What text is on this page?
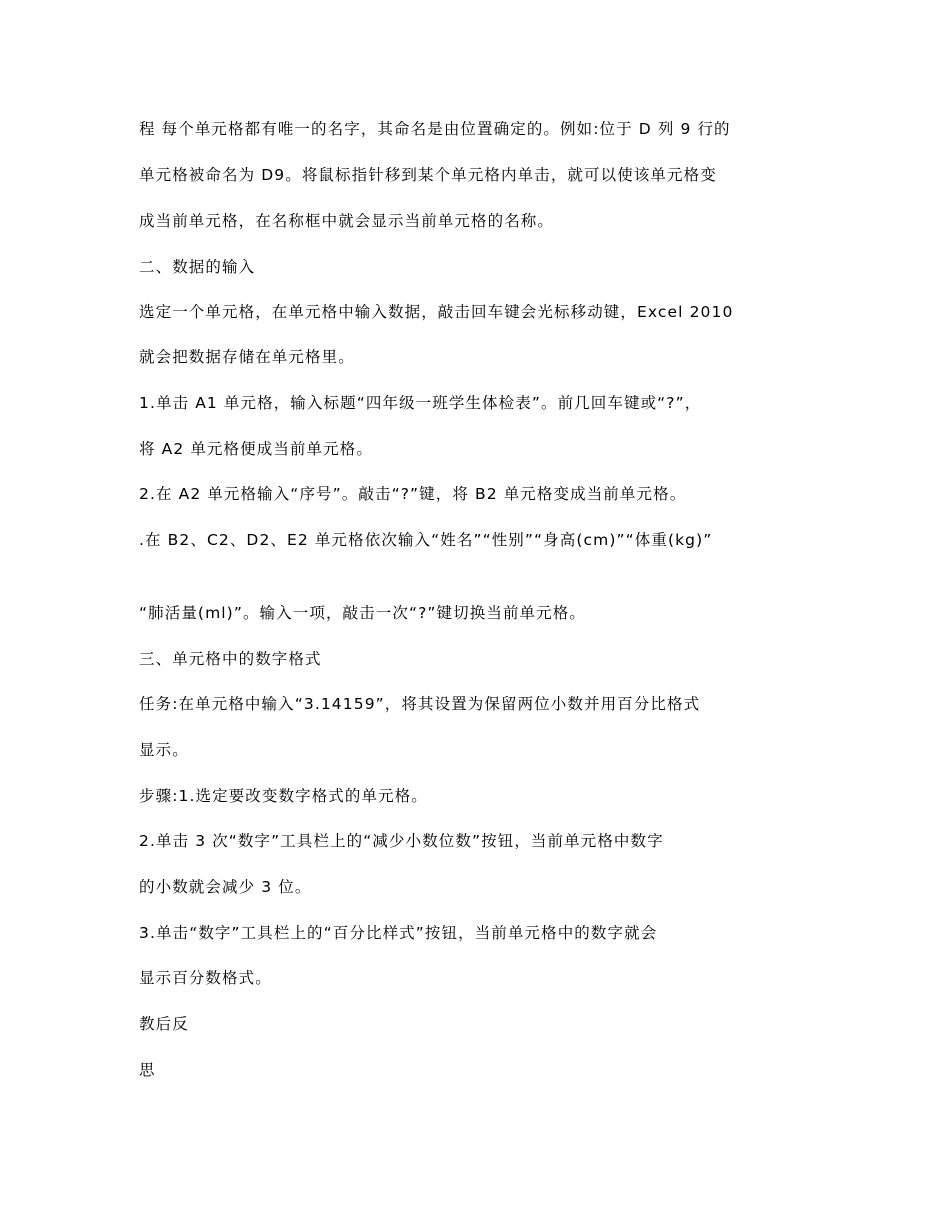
程 每个单元格都有唯一的名字，其命名是由位置确定的。例如:位于 D 列 9 行的

单元格被命名为 D9。将鼠标指针移到某个单元格内单击，就可以使该单元格变

成当前单元格，在名称框中就会显示当前单元格的名称。

二、数据的输入

选定一个单元格，在单元格中输入数据，敲击回车键会光标移动键，Excel 2010

就会把数据存储在单元格里。

1.单击 A1 单元格，输入标题“四年级一班学生体检表”。前几回车键或“?”，

将 A2 单元格便成当前单元格。

2.在 A2 单元格输入“序号”。敲击“?”键，将 B2 单元格变成当前单元格。

.在 B2、C2、D2、E2 单元格依次输入“姓名”“性别”“身高(cm)”“体重(kg)”

“肺活量(ml)”。输入一项，敲击一次“?”键切换当前单元格。

三、单元格中的数字格式

任务:在单元格中输入“3.14159”，将其设置为保留两位小数并用百分比格式

显示。

步骤:1.选定要改变数字格式的单元格。

2.单击 3 次“数字”工具栏上的“减少小数位数”按钮，当前单元格中数字

的小数就会减少 3 位。

3.单击“数字”工具栏上的“百分比样式”按钮，当前单元格中的数字就会

显示百分数格式。

教后反

思
